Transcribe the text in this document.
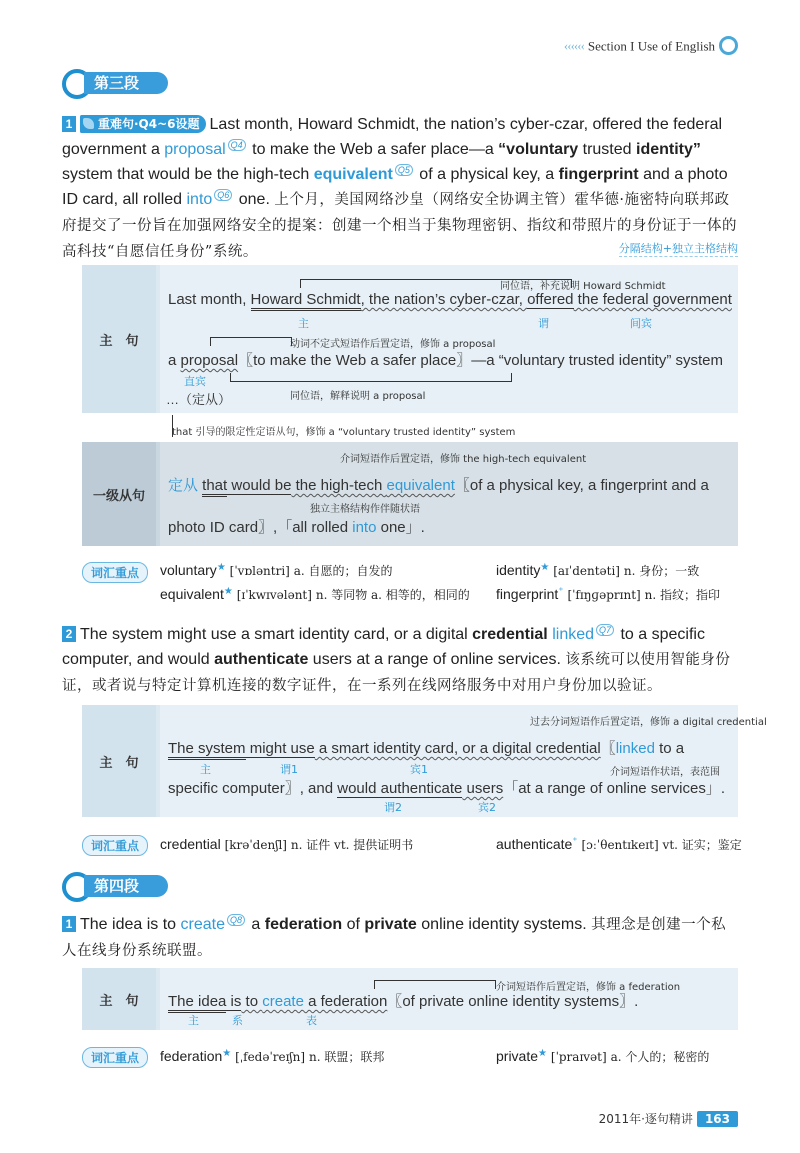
‹‹‹‹‹‹ Section I Use of English
第三段
1 重难句·Q4~6设题 Last month, Howard Schmidt, the nation’s cyber-czar, offered the federal government a proposal Q4 to make the Web a safer place—a “voluntary trusted identity” system that would be the high-tech equivalent Q5 of a physical key, a fingerprint and a photo ID card, all rolled into Q6 one. 上个月，美国网络沙皇（网络安全协调主管）霍华德·施密特向联邦政府提交了一份旨在加强网络安全的提案：创建一个相当于集物理密钥、指纹和带照片的身份证于一体的高科技“自愿信任身份”系统。	分隔结构+独立主格结构
主　句
同位语，补充说明 Howard Schmidt
Last month, Howard Schmidt, the nation’s cyber-czar, offered the federal government
主	谓	间宾
动词不定式短语作后置定语，修饰 a proposal
a proposal〖to make the Web a safer place〗—a “voluntary trusted identity” system
直宾
…（定从）	同位语，解释说明 a proposal
that 引导的限定性定语从句，修饰 a “voluntary trusted identity” system
一级从句
介词短语作后置定语，修饰 the high-tech equivalent
定从 that would be the high-tech equivalent〖of a physical key, a fingerprint and a
独立主格结构作伴随状语
photo ID card〗,「all rolled into one」.
词汇重点	voluntary★ [ˈvɒləntri] a. 自愿的；自发的	identity★ [aɪˈdentəti] n. 身份；一致
equivalent★ [ɪˈkwɪvələnt] n. 等同物 a. 相等的，相同的 fingerprint⁺ [ˈfɪŋɡəprɪnt] n. 指纹；指印
2 The system might use a smart identity card, or a digital credential linked Q7 to a specific computer, and would authenticate users at a range of online services. 该系统可以使用智能身份证，或者说与特定计算机连接的数字证件，在一系列在线网络服务中对用户身份加以验证。
主　句
过去分词短语作后置定语，修饰 a digital credential
The system might use a smart identity card, or a digital credential〖linked to a
主	谓1	宾1	介词短语作状语，表范围
specific computer〗, and would authenticate users「at a range of online services」.
谓2	宾2
词汇重点	credential [krəˈdenʃl] n. 证件 vt. 提供证明书	authenticate⁺ [ɔːˈθentɪkeɪt] vt. 证实；鉴定
第四段
1 The idea is to create Q8 a federation of private online identity systems. 其理念是创建一个私人在线身份系统联盟。
主　句
介词短语作后置定语，修饰 a federation
The idea is to create a federation〖of private online identity systems〗.
主	系	表
词汇重点	federation★ [ˌfedəˈreɪʃn] n. 联盟；联邦	private★ [ˈpraɪvət] a. 个人的；秘密的
2011年·逐句精讲 163
